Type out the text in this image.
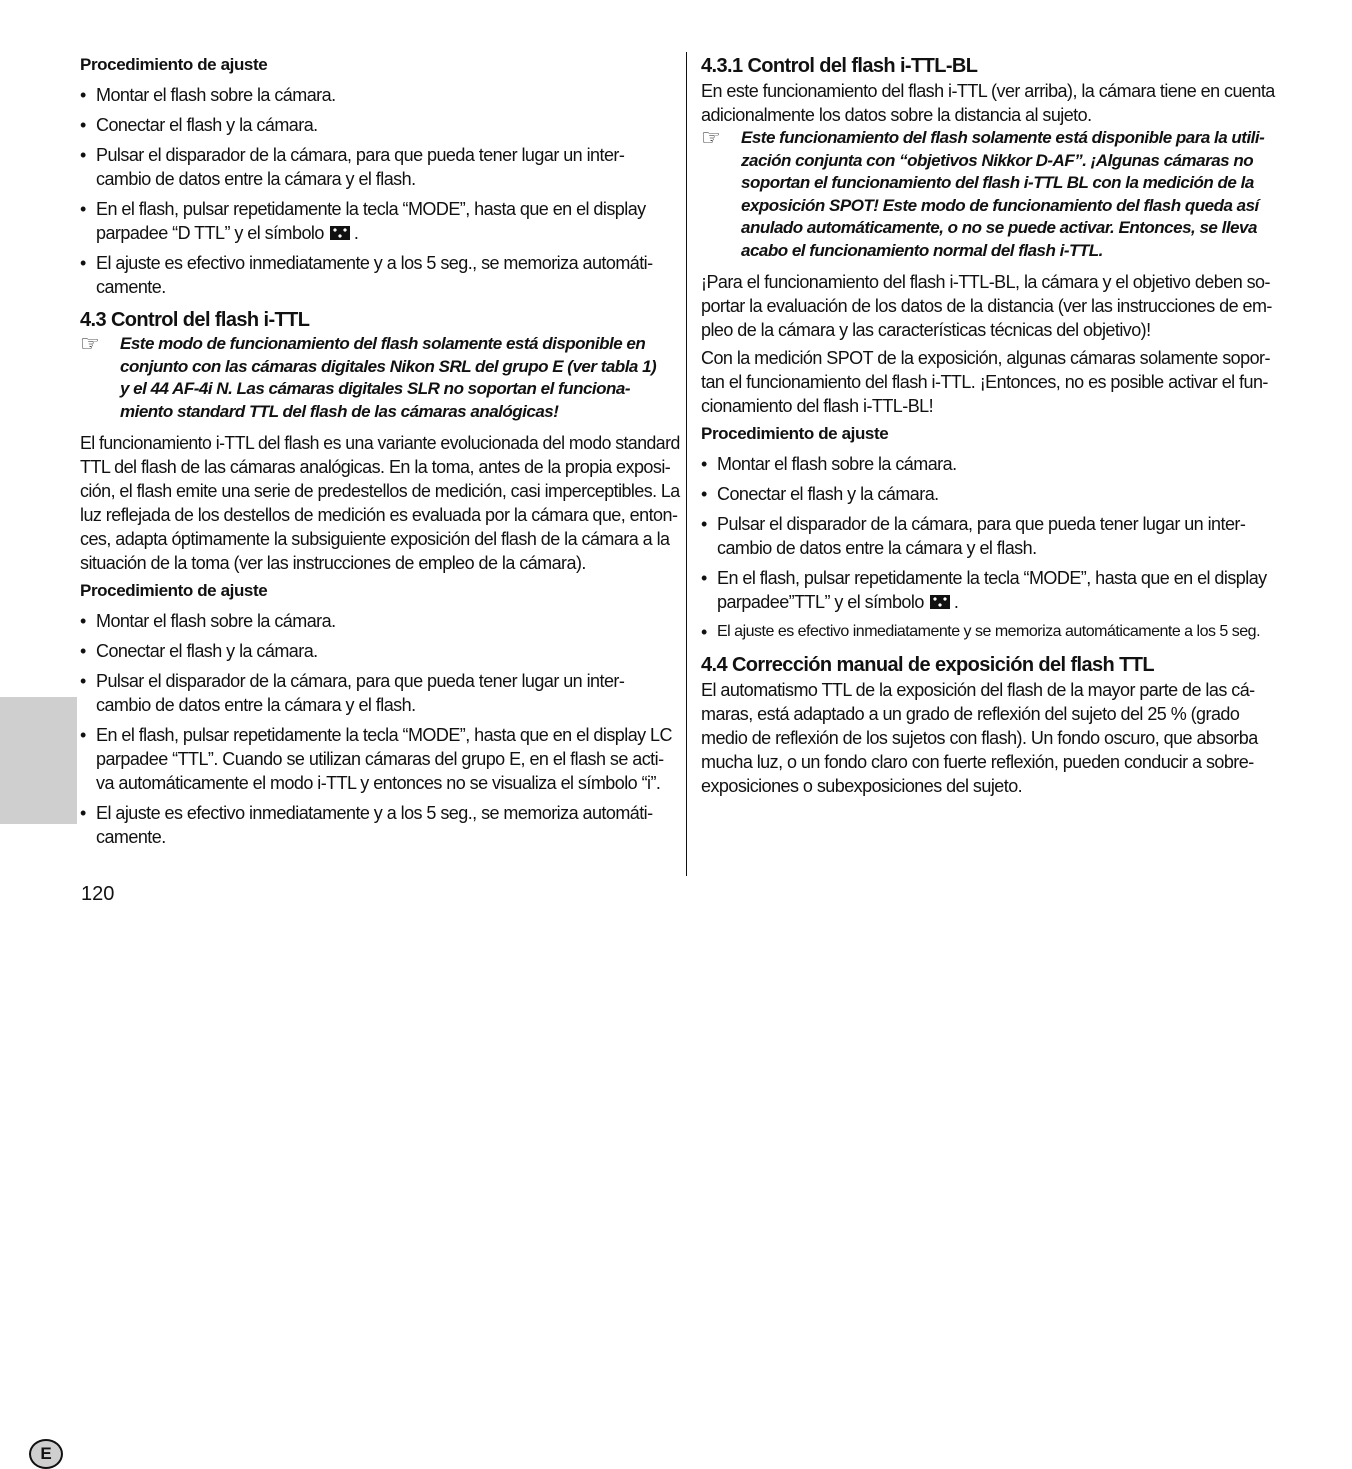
E
Procedimiento de ajuste
• Montar el flash sobre la cámara.
• Conectar el flash y la cámara.
• Pulsar el disparador de la cámara, para que pueda tener lugar un inter-
cambio de datos entre la cámara y el flash.
• En el flash, pulsar repetidamente la tecla “MODE”, hasta que en el display
parpadee “D TTL” y el símbolo .
• El ajuste es efectivo inmediatamente y a los 5 seg., se memoriza automáti-
camente.
4.3 Control del flash i-TTL
☞	Este modo de funcionamiento del flash solamente está disponible en
conjunto con las cámaras digitales Nikon SRL del grupo E (ver tabla 1)
y el 44 AF-4i N. Las cámaras digitales SLR no soportan el funciona-
miento standard TTL del flash de las cámaras analógicas!
El funcionamiento i-TTL del flash es una variante evolucionada del modo standard
TTL del flash de las cámaras analógicas. En la toma, antes de la propia exposi-
ción, el flash emite una serie de predestellos de medición, casi imperceptibles. La
luz reflejada de los destellos de medición es evaluada por la cámara que, enton-
ces, adapta óptimamente la subsiguiente exposición del flash de la cámara a la
situación de la toma (ver las instrucciones de empleo de la cámara).
Procedimiento de ajuste
• Montar el flash sobre la cámara.
• Conectar el flash y la cámara.
• Pulsar el disparador de la cámara, para que pueda tener lugar un inter-
cambio de datos entre la cámara y el flash.
• En el flash, pulsar repetidamente la tecla “MODE”, hasta que en el display LC
parpadee “TTL”. Cuando se utilizan cámaras del grupo E, en el flash se acti-
va automáticamente el modo i-TTL y entonces no se visualiza el símbolo “i”.
• El ajuste es efectivo inmediatamente y a los 5 seg., se memoriza automáti-
camente.
4.3.1 Control del flash i-TTL-BL
En este funcionamiento del flash i-TTL (ver arriba), la cámara tiene en cuenta
adicionalmente los datos sobre la distancia al sujeto.
☞	Este funcionamiento del flash solamente está disponible para la utili-
zación conjunta con “objetivos Nikkor D-AF”. ¡Algunas cámaras no
soportan el funcionamiento del flash i-TTL BL con la medición de la
exposición SPOT! Este modo de funcionamiento del flash queda así
anulado automáticamente, o no se puede activar. Entonces, se lleva
acabo el funcionamiento normal del flash i-TTL.
¡Para el funcionamiento del flash i-TTL-BL, la cámara y el objetivo deben so-
portar la evaluación de los datos de la distancia (ver las instrucciones de em-
pleo de la cámara y las características técnicas del objetivo)!
Con la medición SPOT de la exposición, algunas cámaras solamente sopor-
tan el funcionamiento del flash i-TTL. ¡Entonces, no es posible activar el fun-
cionamiento del flash i-TTL-BL!
Procedimiento de ajuste
• Montar el flash sobre la cámara.
• Conectar el flash y la cámara.
• Pulsar el disparador de la cámara, para que pueda tener lugar un inter-
cambio de datos entre la cámara y el flash.
• En el flash, pulsar repetidamente la tecla “MODE”, hasta que en el display
parpadee”TTL” y el símbolo .
• El ajuste es efectivo inmediatamente y se memoriza automáticamente a los 5 seg.
4.4 Corrección manual de exposición del flash TTL
El automatismo TTL de la exposición del flash de la mayor parte de las cá-
maras, está adaptado a un grado de reflexión del sujeto del 25 % (grado
medio de reflexión de los sujetos con flash). Un fondo oscuro, que absorba
mucha luz, o un fondo claro con fuerte reflexión, pueden conducir a sobre-
exposiciones o subexposiciones del sujeto.
120
